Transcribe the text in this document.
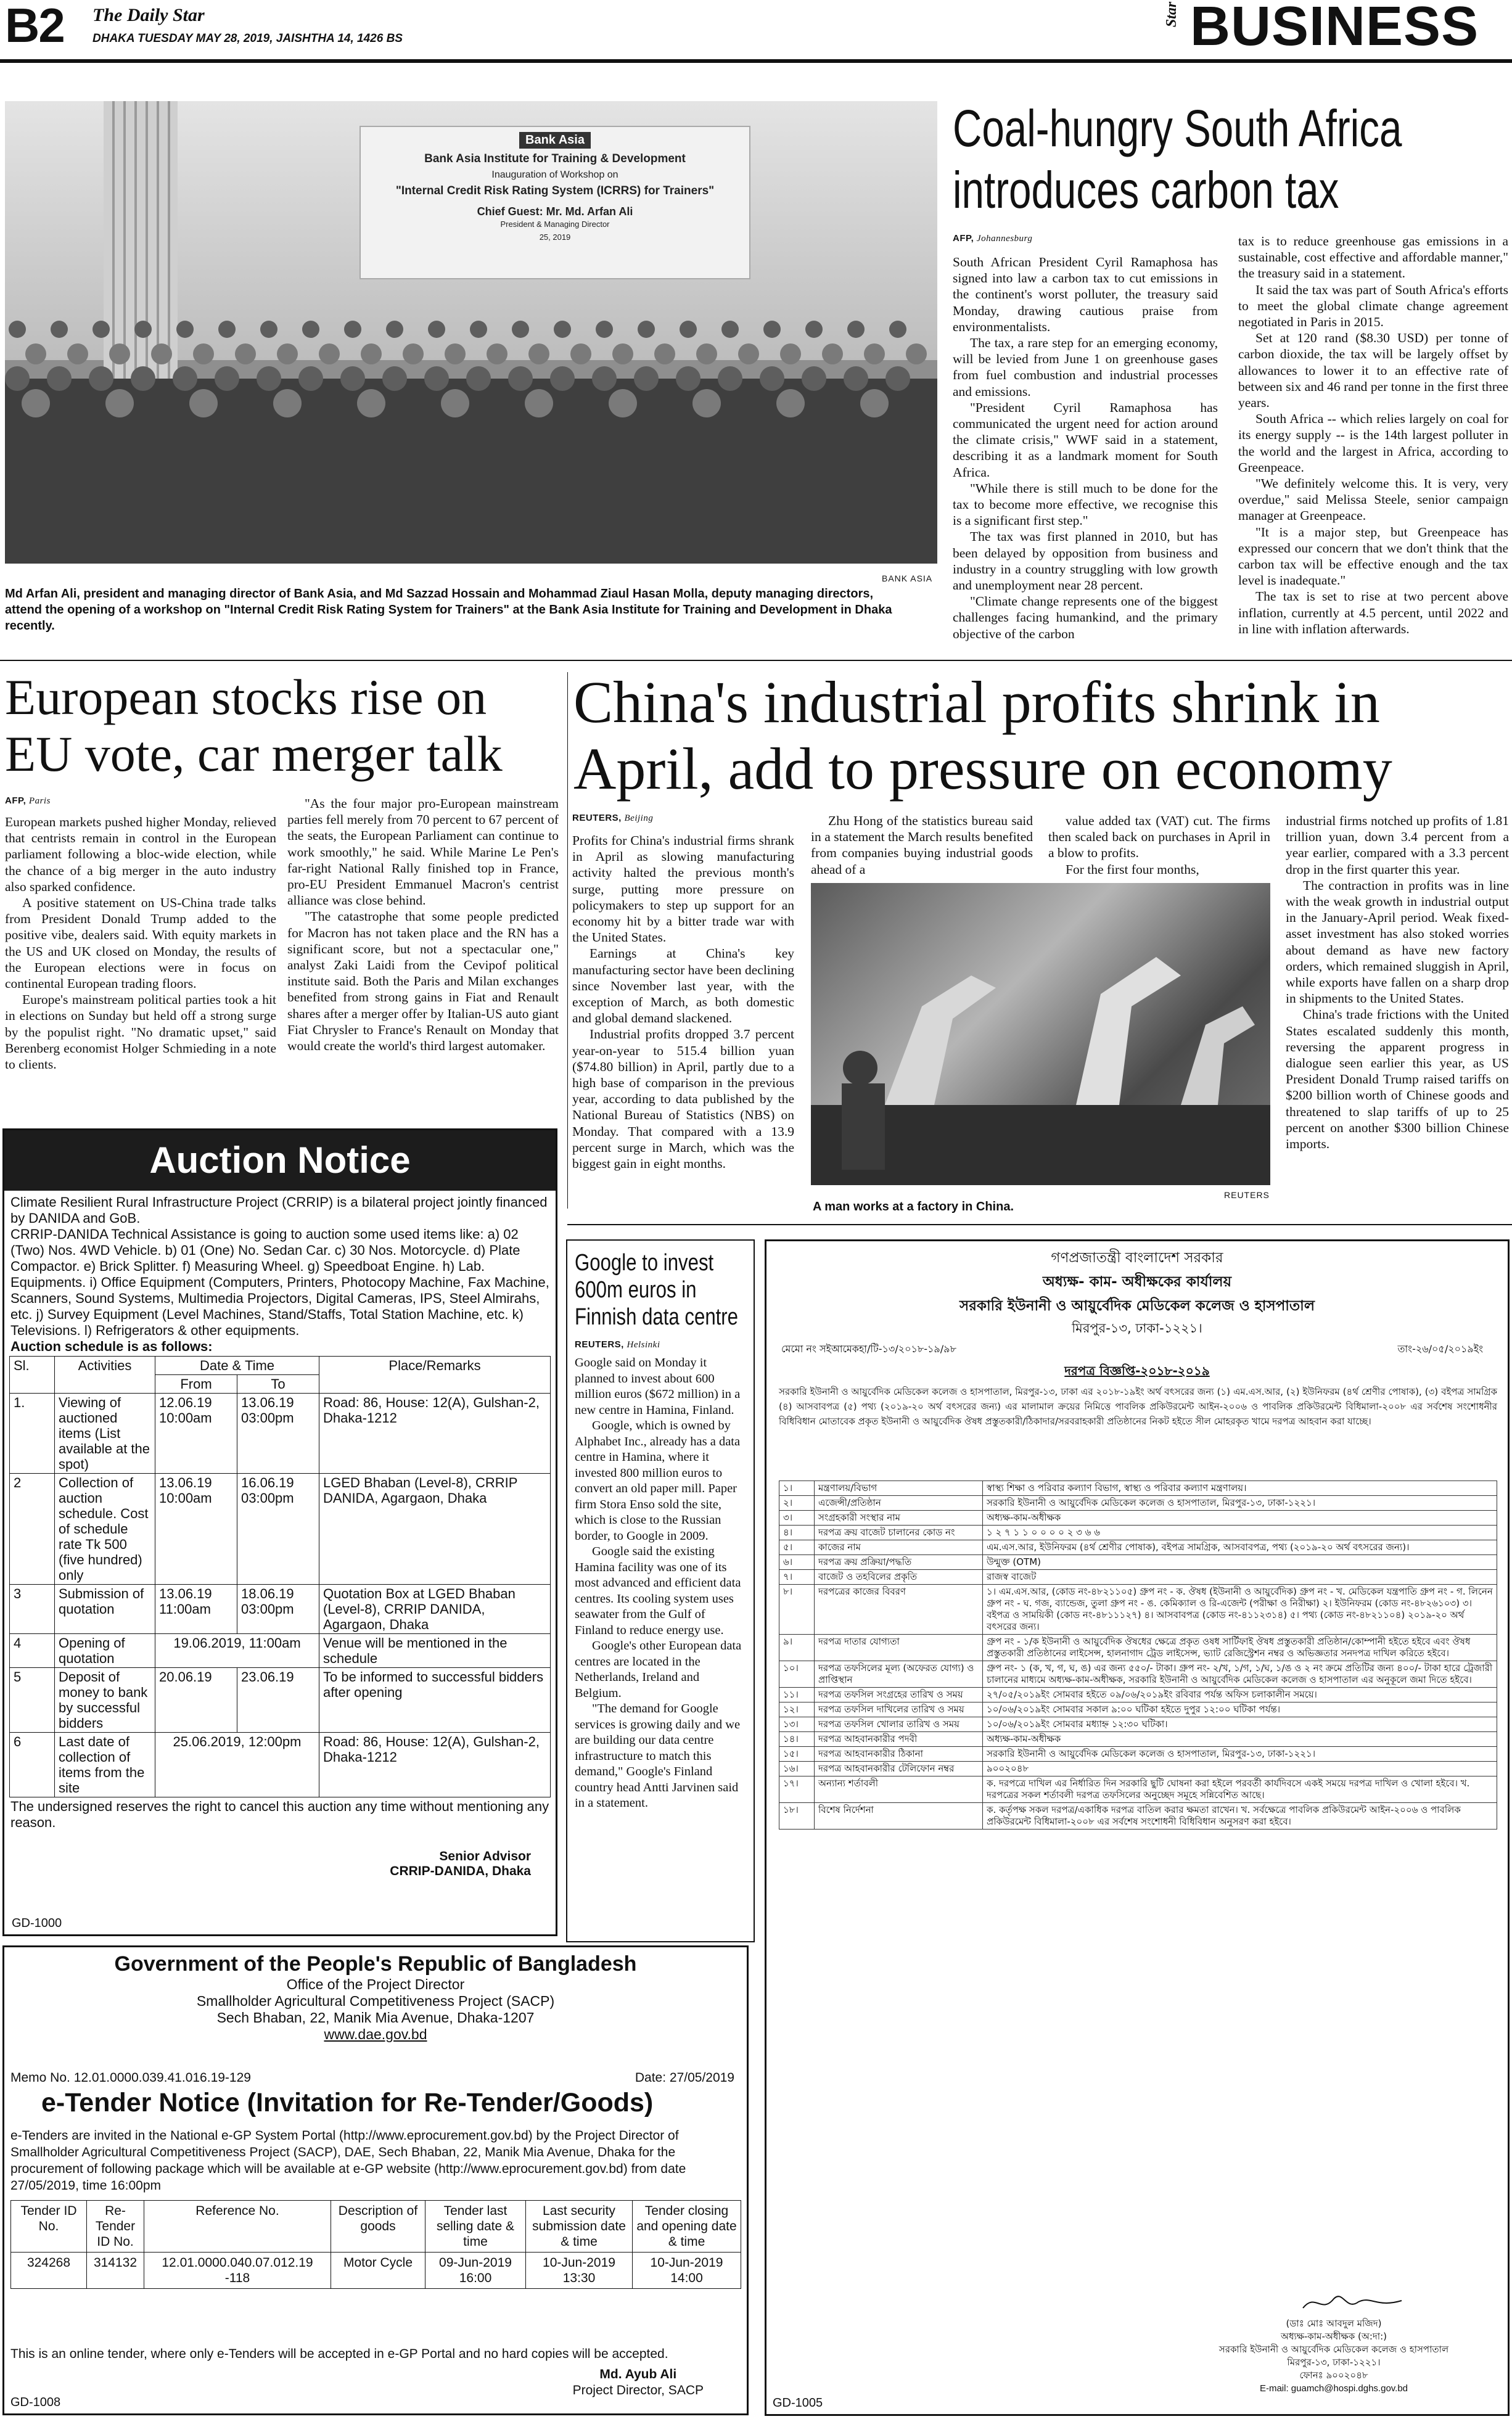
B2 The Daily Star
DHAKA TUESDAY MAY 28, 2019, JAISHTHA 14, 1426 BS
Star BUSINESS
Bank Asia
Bank Asia Institute for Training & Development
Inauguration of Workshop on
"Internal Credit Risk Rating System (ICRRS) for Trainers"
Chief Guest: Mr. Md. Arfan Ali
President & Managing Director
25, 2019
Md Arfan Ali, president and managing director of Bank Asia, and Md Sazzad Hossain and Mohammad Ziaul Hasan Molla, deputy managing directors, attend the opening of a workshop on "Internal Credit Risk Rating System for Trainers" at the Bank Asia Institute for Training and Development in Dhaka recently.
BANK ASIA
Coal-hungry South Africa introduces carbon tax
AFP, Johannesburg

South African President Cyril Ramaphosa has signed into law a carbon tax to cut emissions in the continent's worst polluter, the treasury said Monday, drawing cautious praise from environmentalists.

The tax, a rare step for an emerging economy, will be levied from June 1 on greenhouse gases from fuel combustion and industrial processes and emissions.

"President Cyril Ramaphosa has communicated the urgent need for action around the climate crisis," WWF said in a statement, describing it as a landmark moment for South Africa.

"While there is still much to be done for the tax to become more effective, we recognise this is a significant first step."

The tax was first planned in 2010, but has been delayed by opposition from business and industry in a country struggling with low growth and unemployment near 28 percent.

"Climate change represents one of the biggest challenges facing humankind, and the primary objective of the carbon

tax is to reduce greenhouse gas emissions in a sustainable, cost effective and affordable manner," the treasury said in a statement.

It said the tax was part of South Africa's efforts to meet the global climate change agreement negotiated in Paris in 2015.

Set at 120 rand ($8.30 USD) per tonne of carbon dioxide, the tax will be largely offset by allowances to lower it to an effective rate of between six and 46 rand per tonne in the first three years.

South Africa -- which relies largely on coal for its energy supply -- is the 14th largest polluter in the world and the largest in Africa, according to Greenpeace.

"We definitely welcome this. It is very, very overdue," said Melissa Steele, senior campaign manager at Greenpeace.

"It is a major step, but Greenpeace has expressed our concern that we don't think that the carbon tax will be effective enough and the tax level is inadequate."

The tax is set to rise at two percent above inflation, currently at 4.5 percent, until 2022 and in line with inflation afterwards.

European stocks rise on EU vote, car merger talk
AFP, Paris

European markets pushed higher Monday, relieved that centrists remain in control in the European parliament following a bloc-wide election, while the chance of a big merger in the auto industry also sparked confidence.

A positive statement on US-China trade talks from President Donald Trump added to the positive vibe, dealers said. With equity markets in the US and UK closed on Monday, the results of the European elections were in focus on continental European trading floors.

Europe's mainstream political parties took a hit in elections on Sunday but held off a strong surge by the populist right. "No dramatic upset," said Berenberg economist Holger Schmieding in a note to clients.

"As the four major pro-European mainstream parties fell merely from 70 percent to 67 percent of the seats, the European Parliament can continue to work smoothly," he said. While Marine Le Pen's far-right National Rally finished top in France, pro-EU President Emmanuel Macron's centrist alliance was close behind.

"The catastrophe that some people predicted for Macron has not taken place and the RN has a significant score, but not a spectacular one," analyst Zaki Laidi from the Cevipof political institute said. Both the Paris and Milan exchanges benefited from strong gains in Fiat and Renault shares after a merger offer by Italian-US auto giant Fiat Chrysler to France's Renault on Monday that would create the world's third largest automaker.

China's industrial profits shrink in April, add to pressure on economy
REUTERS, Beijing

Profits for China's industrial firms shrank in April as slowing manufacturing activity halted the previous month's surge, putting more pressure on policymakers to step up support for an economy hit by a bitter trade war with the United States.

Earnings at China's key manufacturing sector have been declining since November last year, with the exception of March, as both domestic and global demand slackened.

Industrial profits dropped 3.7 percent year-on-year to 515.4 billion yuan ($74.80 billion) in April, partly due to a high base of comparison in the previous year, according to data published by the National Bureau of Statistics (NBS) on Monday. That compared with a 13.9 percent surge in March, which was the biggest gain in eight months.

Zhu Hong of the statistics bureau said in a statement the March results benefited from companies buying industrial goods ahead of a

value added tax (VAT) cut. The firms then scaled back on purchases in April in a blow to profits.

For the first four months,

A man works at a factory in China.
REUTERS

industrial firms notched up profits of 1.81 trillion yuan, down 3.4 percent from a year earlier, compared with a 3.3 percent drop in the first quarter this year.

The contraction in profits was in line with the weak growth in industrial output in the January-April period. Weak fixed-asset investment has also stoked worries about demand as have new factory orders, which remained sluggish in April, while exports have fallen on a sharp drop in shipments to the United States.

China's trade frictions with the United States escalated suddenly this month, reversing the apparent progress in dialogue seen earlier this year, as US President Donald Trump raised tariffs on $200 billion worth of Chinese goods and threatened to slap tariffs of up to 25 percent on another $300 billion Chinese imports.

Auction Notice
Climate Resilient Rural Infrastructure Project (CRRIP) is a bilateral project jointly financed by DANIDA and GoB.
CRRIP-DANIDA Technical Assistance is going to auction some used items like: a) 02 (Two) Nos. 4WD Vehicle. b) 01 (One) No. Sedan Car. c) 30 Nos. Motorcycle. d) Plate Compactor. e) Brick Splitter. f) Measuring Wheel. g) Speedboat Engine. h) Lab. Equipments. i) Office Equipment (Computers, Printers, Photocopy Machine, Fax Machine, Scanners, Sound Systems, Multimedia Projectors, Digital Cameras, IPS, Steel Almirahs, etc. j) Survey Equipment (Level Machines, Stand/Staffs, Total Station Machine, etc. k) Televisions. l) Refrigerators & other equipments.
Auction schedule is as follows:
Sl.	Activities	Date & Time		Place/Remarks
		From	To	
1.	Viewing of auctioned items (List available at the spot)	12.06.19 10:00am	13.06.19 03:00pm	Road: 86, House: 12(A), Gulshan-2, Dhaka-1212
2	Collection of auction schedule. Cost of schedule rate Tk 500 (five hundred) only	13.06.19 10:00am	16.06.19 03:00pm	LGED Bhaban (Level-8), CRRIP DANIDA, Agargaon, Dhaka
3	Submission of quotation	13.06.19 11:00am	18.06.19 03:00pm	Quotation Box at LGED Bhaban (Level-8), CRRIP DANIDA, Agargaon, Dhaka
4	Opening of quotation	19.06.2019, 11:00am		Venue will be mentioned in the schedule
5	Deposit of money to bank by successful bidders	20.06.19	23.06.19	To be informed to successful bidders after opening
6	Last date of collection of items from the site	25.06.2019, 12:00pm		Road: 86, House: 12(A), Gulshan-2, Dhaka-1212
The undersigned reserves the right to cancel this auction any time without mentioning any reason.
Senior Advisor
CRRIP-DANIDA, Dhaka
GD-1000
Government of the People's Republic of Bangladesh
Office of the Project Director
Smallholder Agricultural Competitiveness Project (SACP)
Sech Bhaban, 22, Manik Mia Avenue, Dhaka-1207
www.dae.gov.bd
Memo No. 12.01.0000.039.41.016.19-129	Date: 27/05/2019
e-Tender Notice (Invitation for Re-Tender/Goods)
e-Tenders are invited in the National e-GP System Portal (http://www.eprocurement.gov.bd) by the Project Director of Smallholder Agricultural Competitiveness Project (SACP), DAE, Sech Bhaban, 22, Manik Mia Avenue, Dhaka for the procurement of following package which will be available at e-GP website (http://www.eprocurement.gov.bd) from date 27/05/2019, time 16:00pm
Tender ID No.	Re-Tender ID No.	Reference No.	Description of goods	Tender last selling date & time	Last security submission date & time	Tender closing and opening date & time
324268	314132	12.01.0000.040.07.012.19 -118	Motor Cycle	09-Jun-2019 16:00	10-Jun-2019 13:30	10-Jun-2019 14:00
This is an online tender, where only e-Tenders will be accepted in e-GP Portal and no hard copies will be accepted.
Md. Ayub Ali
Project Director, SACP
GD-1008
Google to invest 600m euros in Finnish data centre
REUTERS, Helsinki

Google said on Monday it planned to invest about 600 million euros ($672 million) in a new centre in Hamina, Finland.

Google, which is owned by Alphabet Inc., already has a data centre in Hamina, where it invested 800 million euros to convert an old paper mill. Paper firm Stora Enso sold the site, which is close to the Russian border, to Google in 2009.

Google said the existing Hamina facility was one of its most advanced and efficient data centres. Its cooling system uses seawater from the Gulf of Finland to reduce energy use.

Google's other European data centres are located in the Netherlands, Ireland and Belgium.

"The demand for Google services is growing daily and we are building our data centre infrastructure to match this demand," Google's Finland country head Antti Jarvinen said in a statement.

গণপ্রজাতন্ত্রী বাংলাদেশ সরকার
অধ্যক্ষ- কাম- অধীক্ষকের কার্যালয়
সরকারি ইউনানী ও আয়ুর্বেদিক মেডিকেল কলেজ ও হাসপাতাল
মিরপুর-১৩, ঢাকা-১২২১।
মেমো নং সইআমেকহা/টি-১৩/২০১৮-১৯/৯৮	তাং-২৬/০৫/২০১৯ইং
দরপত্র বিজ্ঞপ্তি-২০১৮-২০১৯
সরকারি ইউনানী ও আয়ুর্বেদিক মেডিকেল কলেজ ও হাসপাতাল, মিরপুর-১৩, ঢাকা এর ২০১৮-১৯ইং অর্থ বৎসরের জন্য (১) এম.এস.আর, (২) ইউনিফরম (৪র্থ শ্রেণীর পোষাক), (৩) বইপত্র সামগ্রিক (৪) আসবাবপত্র (৫) পথ্য (২০১৯-২০ অর্থ বৎসরের জন্য) এর মালামাল ক্রয়ের নিমিত্তে পাবলিক প্রকিউরমেন্ট আইন-২০০৬ ও পাবলিক প্রকিউরমেন্ট বিধিমালা-২০০৮ এর সর্বশেষ সংশোধনীর বিধিবিধান মোতাবেক প্রকৃত ইউনানী ও আয়ুর্বেদিক ঔষধ প্রস্তুতকারী/ঠিকাদার/সরবরাহকারী প্রতিষ্ঠানের নিকট হইতে সীল মোহরকৃত খামে দরপত্র আহবান করা যাচ্ছে।
১।	মন্ত্রণালয়/বিভাগ	স্বাস্থ্য শিক্ষা ও পরিবার কল্যাণ বিভাগ, স্বাস্থ্য ও পরিবার কল্যাণ মন্ত্রণালয়।
২।	এজেন্সী/প্রতিষ্ঠান	সরকারি ইউনানী ও আয়ুর্বেদিক মেডিকেল কলেজ ও হাসপাতাল, মিরপুর-১৩, ঢাকা-১২২১।
৩।	সংগ্রহকারী সংস্থার নাম	অধ্যক্ষ-কাম-অধীক্ষক
৪।	দরপত্র ক্রয় বাজেট চালানের কোড নং	১ ২ ৭ ১ ১ ০ ০ ০ ০ ২ ৩ ৬ ৬
৫।	কাজের নাম	এম.এস.আর, ইউনিফরম (৪র্থ শ্রেণীর পোষাক), বইপত্র সামগ্রিক, আসবাবপত্র, পথ্য (২০১৯-২০ অর্থ বৎসরের জন্য)।
৬।	দরপত্র ক্রয় প্রক্রিয়া/পদ্ধতি	উন্মুক্ত (OTM)
৭।	বাজেট ও তহবিলের প্রকৃতি	রাজস্ব বাজেট
৮।	দরপত্রের কাজের বিবরণ	১। এম.এস.আর, (কোড নং-৪৮২১১০৫) গ্রুপ নং - ক. ঔষধ (ইউনানী ও আয়ুর্বেদিক) গ্রুপ নং - খ. মেডিকেল যন্ত্রপাতি গ্রুপ নং - গ. লিনেন গ্রুপ নং - ঘ. গজ, ব্যান্ডেজ, তুলা গ্রুপ নং - ঙ. কেমিক্যাল ও রি-এজেন্ট (পরীক্ষা ও নিরীক্ষা) ২। ইউনিফরম (কোড নং-৪৮২৬১০৩) ৩। বইপত্র ও সাময়িকী (কোড নং-৪৮১১১২৭) ৪। আসবাবপত্র (কোড নং-৪১১২৩১৪) ৫। পথ্য (কোড নং-৪৮২১১০৪) ২০১৯-২০ অর্থ বৎসরের জন্য।
৯।	দরপত্র দাতার যোগ্যতা	গ্রুপ নং - ১/ক ইউনানী ও আয়ুর্বেদিক ঔষধের ক্ষেত্রে প্রকৃত ওষধ সার্টিফাই ঔষধ প্রস্তুতকারী প্রতিষ্ঠান/কোম্পানী হইতে হইবে এবং ঔষধ প্রস্তুতকারী প্রতিষ্ঠানের লাইসেন্স, হালনাগাদ ট্রেড লাইসেন্স, ভ্যাট রেজিস্ট্রেশন নম্বর ও অভিজ্ঞতার সনদপত্র দাখিল করিতে হইবে।
১০।	দরপত্র তফসিলের মূল্য (অফেরত যোগ্য) ও প্রাপ্তিস্থান	গ্রুপ নং- ১ (ক, খ, গ, ঘ, ঙ) এর জন্য ৫৫০/- টাকা। গ্রুপ নং- ২/খ, ১/গ, ১/ঘ, ১/ঙ ও ২ নং ক্রমে প্রতিটির জন্য ৪০০/- টাকা হারে ট্রেজারী চালানের মাধ্যমে অধ্যক্ষ-কাম-অধীক্ষক, সরকারি ইউনানী ও আয়ুর্বেদিক মেডিকেল কলেজ ও হাসপাতাল এর অনুকূলে জমা দিতে হইবে।
১১।	দরপত্র তফসিল সংগ্রহের তারিখ ও সময়	২৭/০৫/২০১৯ইং সোমবার হইতে ০৯/০৬/২০১৯ইং রবিবার পর্যন্ত অফিস চলাকালীন সময়ে।
১২।	দরপত্র তফসিল দাখিলের তারিখ ও সময়	১০/০৬/২০১৯ইং সোমবার সকাল ৯:০০ ঘটিকা হইতে দুপুর ১২:০০ ঘটিকা পর্যন্ত।
১৩।	দরপত্র তফসিল খোলার তারিখ ও সময়	১০/০৬/২০১৯ইং সোমবার মধ্যাহ্ন ১২:৩০ ঘটিকা।
১৪।	দরপত্র আহবানকারীর পদবী	অধ্যক্ষ-কাম-অধীক্ষক
১৫।	দরপত্র আহবানকারীর ঠিকানা	সরকারি ইউনানী ও আয়ুর্বেদিক মেডিকেল কলেজ ও হাসপাতাল, মিরপুর-১৩, ঢাকা-১২২১।
১৬।	দরপত্র আহবানকারীর টেলিফোন নম্বর	৯০০২০৪৮
১৭।	অন্যান্য শর্তাবলী	ক. দরপত্রে দাখিল এর নির্ধারিত দিন সরকারি ছুটি ঘোষনা করা হইলে পরবর্তী কার্যদিবসে একই সময়ে দরপত্র দাখিল ও খোলা হইবে। খ. দরপত্রের সকল শর্তাবলী দরপত্র তফসিলের অনুচ্ছেদ সমূহে সন্নিবেশিত আছে।
১৮।	বিশেষ নির্দেশনা	ক. কর্তৃপক্ষ সকল দরপত্র/একাধিক দরপত্র বাতিল করার ক্ষমতা রাখেন। খ. সর্বক্ষেত্রে পাবলিক প্রকিউরমেন্ট আইন-২০০৬ ও পাবলিক প্রকিউরমেন্ট বিধিমালা-২০০৮ এর সর্বশেষ সংশোধনী বিধিবিধান অনুসরণ করা হইবে।
(ডাঃ মোঃ আবদুল মজিদ)
অধ্যক্ষ-কাম-অধীক্ষক (অ:দা:)
সরকারি ইউনানী ও আয়ুর্বেদিক মেডিকেল কলেজ ও হাসপাতাল
মিরপুর-১৩, ঢাকা-১২২১।
ফোনঃ ৯০০২০৪৮
E-mail: guamch@hospi.dghs.gov.bd
GD-1005
